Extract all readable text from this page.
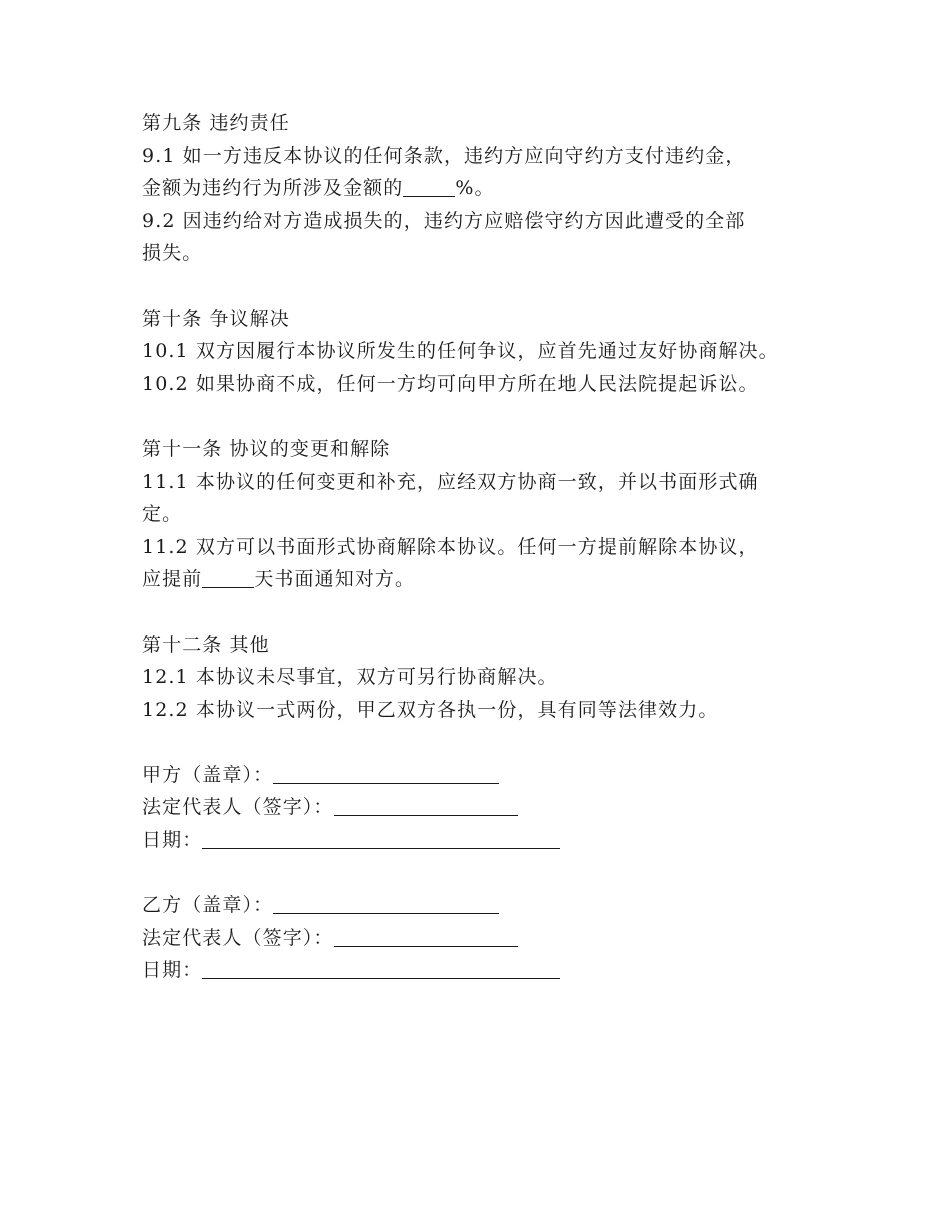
第九条 违约责任
9.1 如一方违反本协议的任何条款，违约方应向守约方支付违约金，
金额为违约行为所涉及金额的	%。
9.2 因违约给对方造成损失的，违约方应赔偿守约方因此遭受的全部
损失。
第十条 争议解决
10.1 双方因履行本协议所发生的任何争议，应首先通过友好协商解决。
10.2 如果协商不成，任何一方均可向甲方所在地人民法院提起诉讼。
第十一条 协议的变更和解除
11.1 本协议的任何变更和补充，应经双方协商一致，并以书面形式确
定。
11.2 双方可以书面形式协商解除本协议。任何一方提前解除本协议，
应提前	天书面通知对方。
第十二条 其他
12.1 本协议未尽事宜，双方可另行协商解决。
12.2 本协议一式两份，甲乙双方各执一份，具有同等法律效力。
甲方（盖章）：
法定代表人（签字）：
日期：
乙方（盖章）：
法定代表人（签字）：
日期：
